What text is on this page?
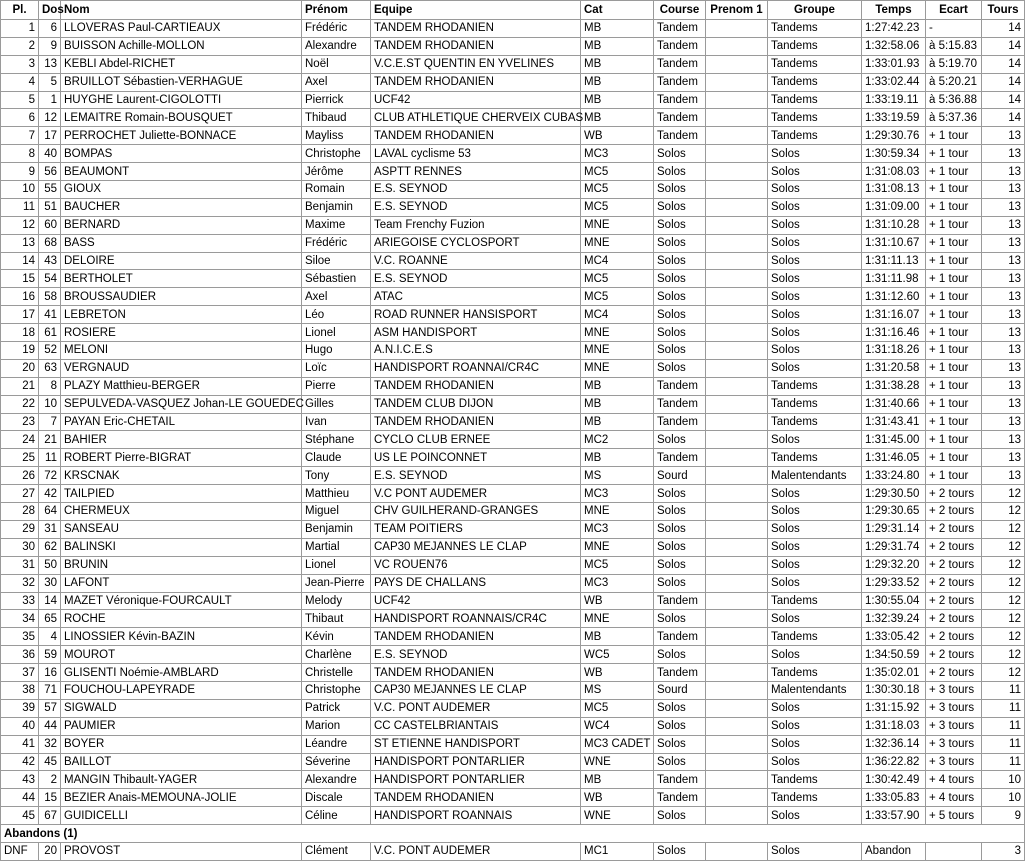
Pl.	Dos	Nom	Prénom	Equipe	Cat	Course	Prenom 1	Groupe	Temps	Ecart	Tours
1	6	LLOVERAS Paul-CARTIEAUX	Frédéric	TANDEM RHODANIEN	MB	Tandem		Tandems	1:27:42.23	-	14
2	9	BUISSON Achille-MOLLON	Alexandre	TANDEM RHODANIEN	MB	Tandem		Tandems	1:32:58.06	à 5:15.83	14
3	13	KEBLI Abdel-RICHET	Noël	V.C.E.ST QUENTIN EN YVELINES	MB	Tandem		Tandems	1:33:01.93	à 5:19.70	14
4	5	BRUILLOT Sébastien-VERHAGUE	Axel	TANDEM RHODANIEN	MB	Tandem		Tandems	1:33:02.44	à 5:20.21	14
5	1	HUYGHE Laurent-CIGOLOTTI	Pierrick	UCF42	MB	Tandem		Tandems	1:33:19.11	à 5:36.88	14
6	12	LEMAITRE Romain-BOUSQUET	Thibaud	CLUB ATHLETIQUE CHERVEIX CUBAS	MB	Tandem		Tandems	1:33:19.59	à 5:37.36	14
7	17	PERROCHET Juliette-BONNACE	Mayliss	TANDEM RHODANIEN	WB	Tandem		Tandems	1:29:30.76	+ 1 tour	13
8	40	BOMPAS	Christophe	LAVAL cyclisme 53	MC3	Solos		Solos	1:30:59.34	+ 1 tour	13
9	56	BEAUMONT	Jérôme	ASPTT RENNES	MC5	Solos		Solos	1:31:08.03	+ 1 tour	13
10	55	GIOUX	Romain	E.S. SEYNOD	MC5	Solos		Solos	1:31:08.13	+ 1 tour	13
11	51	BAUCHER	Benjamin	E.S. SEYNOD	MC5	Solos		Solos	1:31:09.00	+ 1 tour	13
12	60	BERNARD	Maxime	Team Frenchy Fuzion	MNE	Solos		Solos	1:31:10.28	+ 1 tour	13
13	68	BASS	Frédéric	ARIEGOISE CYCLOSPORT	MNE	Solos		Solos	1:31:10.67	+ 1 tour	13
14	43	DELOIRE	Siloe	V.C. ROANNE	MC4	Solos		Solos	1:31:11.13	+ 1 tour	13
15	54	BERTHOLET	Sébastien	E.S. SEYNOD	MC5	Solos		Solos	1:31:11.98	+ 1 tour	13
16	58	BROUSSAUDIER	Axel	ATAC	MC5	Solos		Solos	1:31:12.60	+ 1 tour	13
17	41	LEBRETON	Léo	ROAD RUNNER HANSISPORT	MC4	Solos		Solos	1:31:16.07	+ 1 tour	13
18	61	ROSIERE	Lionel	ASM HANDISPORT	MNE	Solos		Solos	1:31:16.46	+ 1 tour	13
19	52	MELONI	Hugo	A.N.I.C.E.S	MNE	Solos		Solos	1:31:18.26	+ 1 tour	13
20	63	VERGNAUD	Loïc	HANDISPORT ROANNAI/CR4C	MNE	Solos		Solos	1:31:20.58	+ 1 tour	13
21	8	PLAZY Matthieu-BERGER	Pierre	TANDEM RHODANIEN	MB	Tandem		Tandems	1:31:38.28	+ 1 tour	13
22	10	SEPULVEDA-VASQUEZ Johan-LE GOUEDEC	Gilles	TANDEM CLUB DIJON	MB	Tandem		Tandems	1:31:40.66	+ 1 tour	13
23	7	PAYAN Eric-CHETAIL	Ivan	TANDEM RHODANIEN	MB	Tandem		Tandems	1:31:43.41	+ 1 tour	13
24	21	BAHIER	Stéphane	CYCLO CLUB ERNEE	MC2	Solos		Solos	1:31:45.00	+ 1 tour	13
25	11	ROBERT Pierre-BIGRAT	Claude	US LE POINCONNET	MB	Tandem		Tandems	1:31:46.05	+ 1 tour	13
26	72	KRSCNAK	Tony	E.S. SEYNOD	MS	Sourd		Malentendants	1:33:24.80	+ 1 tour	13
27	42	TAILPIED	Matthieu	V.C PONT AUDEMER	MC3	Solos		Solos	1:29:30.50	+ 2 tours	12
28	64	CHERMEUX	Miguel	CHV GUILHERAND-GRANGES	MNE	Solos		Solos	1:29:30.65	+ 2 tours	12
29	31	SANSEAU	Benjamin	TEAM POITIERS	MC3	Solos		Solos	1:29:31.14	+ 2 tours	12
30	62	BALINSKI	Martial	CAP30 MEJANNES LE CLAP	MNE	Solos		Solos	1:29:31.74	+ 2 tours	12
31	50	BRUNIN	Lionel	VC ROUEN76	MC5	Solos		Solos	1:29:32.20	+ 2 tours	12
32	30	LAFONT	Jean-Pierre	PAYS DE CHALLANS	MC3	Solos		Solos	1:29:33.52	+ 2 tours	12
33	14	MAZET Véronique-FOURCAULT	Melody	UCF42	WB	Tandem		Tandems	1:30:55.04	+ 2 tours	12
34	65	ROCHE	Thibaut	HANDISPORT ROANNAIS/CR4C	MNE	Solos		Solos	1:32:39.24	+ 2 tours	12
35	4	LINOSSIER Kévin-BAZIN	Kévin	TANDEM RHODANIEN	MB	Tandem		Tandems	1:33:05.42	+ 2 tours	12
36	59	MOUROT	Charlène	E.S. SEYNOD	WC5	Solos		Solos	1:34:50.59	+ 2 tours	12
37	16	GLISENTI Noémie-AMBLARD	Christelle	TANDEM RHODANIEN	WB	Tandem		Tandems	1:35:02.01	+ 2 tours	12
38	71	FOUCHOU-LAPEYRADE	Christophe	CAP30 MEJANNES LE CLAP	MS	Sourd		Malentendants	1:30:30.18	+ 3 tours	11
39	57	SIGWALD	Patrick	V.C. PONT AUDEMER	MC5	Solos		Solos	1:31:15.92	+ 3 tours	11
40	44	PAUMIER	Marion	CC CASTELBRIANTAIS	WC4	Solos		Solos	1:31:18.03	+ 3 tours	11
41	32	BOYER	Léandre	ST ETIENNE HANDISPORT	MC3 CADET	Solos		Solos	1:32:36.14	+ 3 tours	11
42	45	BAILLOT	Séverine	HANDISPORT PONTARLIER	WNE	Solos		Solos	1:36:22.82	+ 3 tours	11
43	2	MANGIN Thibault-YAGER	Alexandre	HANDISPORT PONTARLIER	MB	Tandem		Tandems	1:30:42.49	+ 4 tours	10
44	15	BEZIER Anais-MEMOUNA-JOLIE	Discale	TANDEM RHODANIEN	WB	Tandem		Tandems	1:33:05.83	+ 4 tours	10
45	67	GUIDICELLI	Céline	HANDISPORT ROANNAIS	WNE	Solos		Solos	1:33:57.90	+ 5 tours	9
Abandons (1)											
DNF	20	PROVOST	Clément	V.C. PONT AUDEMER	MC1	Solos		Solos	Abandon		3
